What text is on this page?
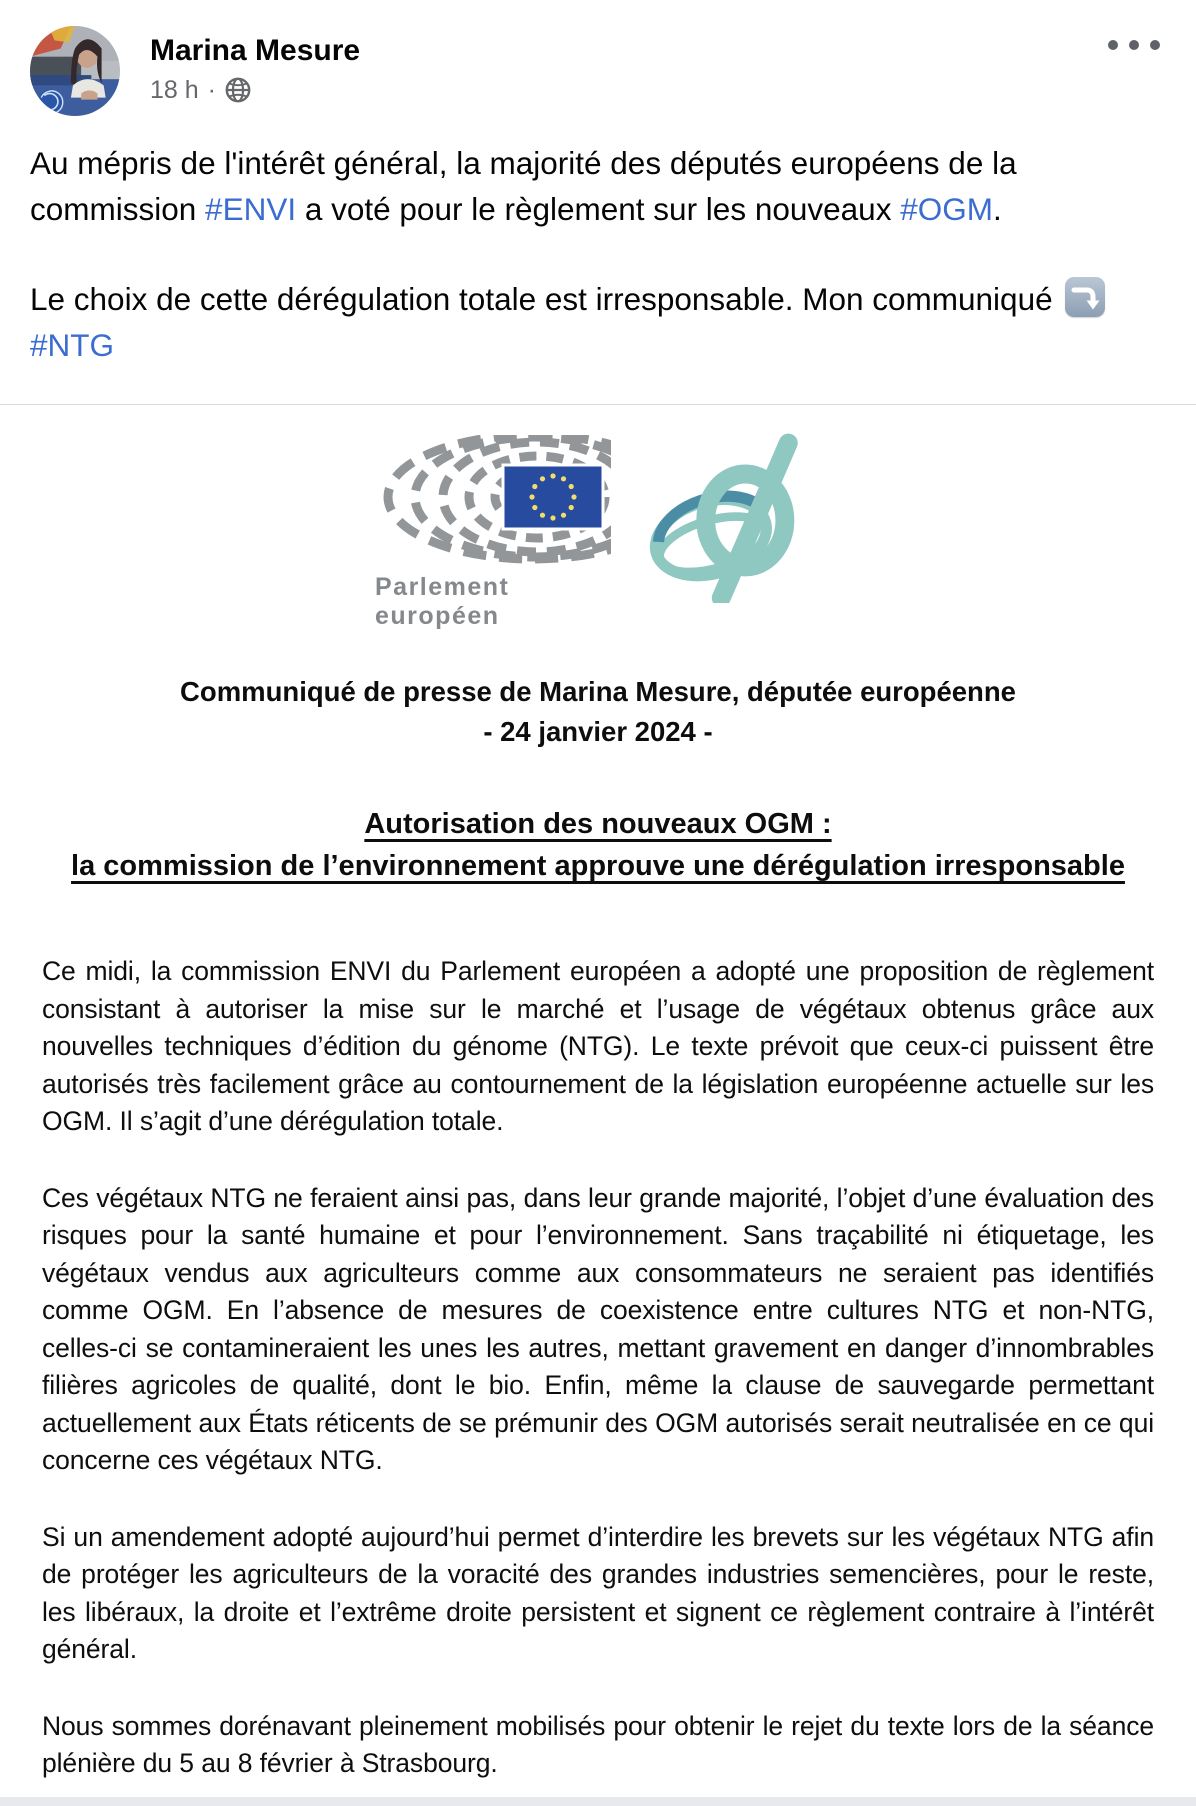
Marina Mesure
18 h ·

Au mépris de l'intérêt général, la majorité des députés européens de la commission #ENVI a voté pour le règlement sur les nouveaux #OGM.

Le choix de cette dérégulation totale est irresponsable. Mon communiqué
#NTG

Parlement européen
Communiqué de presse de Marina Mesure, députée européenne
- 24 janvier 2024 -
Autorisation des nouveaux OGM :
la commission de l’environnement approuve une dérégulation irresponsable

Ce midi, la commission ENVI du Parlement européen a adopté une proposition de règlement consistant à autoriser la mise sur le marché et l’usage de végétaux obtenus grâce aux nouvelles techniques d’édition du génome (NTG). Le texte prévoit que ceux-ci puissent être autorisés très facilement grâce au contournement de la législation européenne actuelle sur les OGM. Il s’agit d’une dérégulation totale.

Ces végétaux NTG ne feraient ainsi pas, dans leur grande majorité, l’objet d’une évaluation des risques pour la santé humaine et pour l’environnement. Sans traçabilité ni étiquetage, les végétaux vendus aux agriculteurs comme aux consommateurs ne seraient pas identifiés comme OGM. En l’absence de mesures de coexistence entre cultures NTG et non-NTG, celles-ci se contamineraient les unes les autres, mettant gravement en danger d’innombrables filières agricoles de qualité, dont le bio. Enfin, même la clause de sauvegarde permettant actuellement aux États réticents de se prémunir des OGM autorisés serait neutralisée en ce qui concerne ces végétaux NTG.

Si un amendement adopté aujourd’hui permet d’interdire les brevets sur les végétaux NTG afin de protéger les agriculteurs de la voracité des grandes industries semencières, pour le reste, les libéraux, la droite et l’extrême droite persistent et signent ce règlement contraire à l’intérêt général.

Nous sommes dorénavant pleinement mobilisés pour obtenir le rejet du texte lors de la séance plénière du 5 au 8 février à Strasbourg.
